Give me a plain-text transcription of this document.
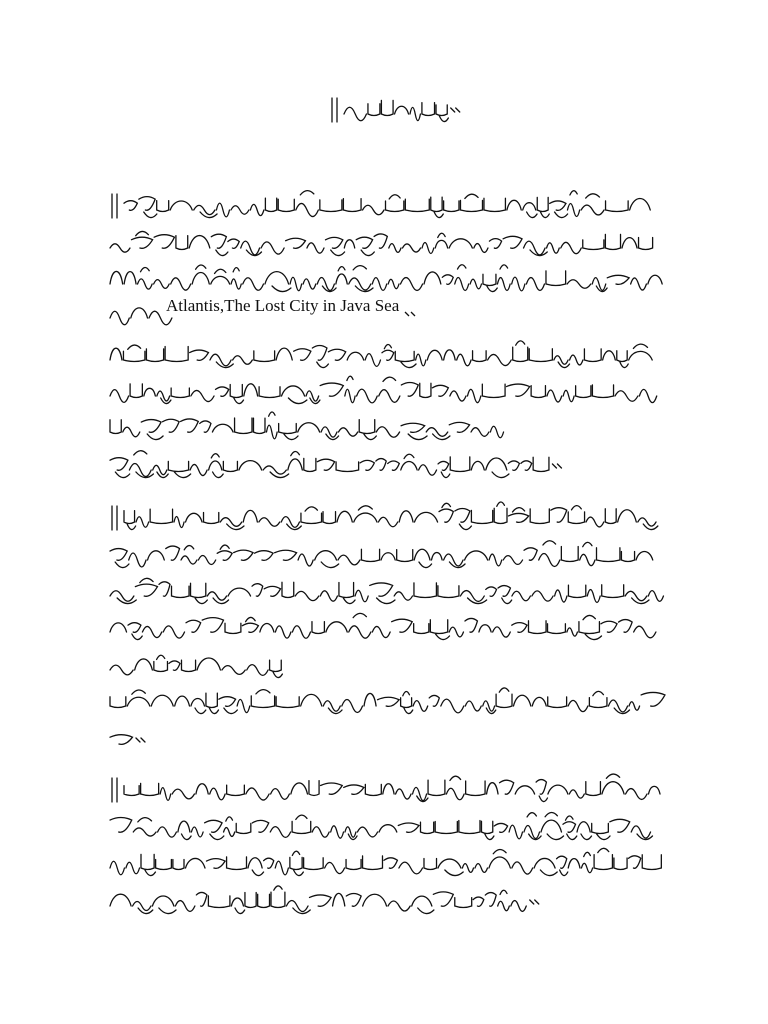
Atlantis,The Lost City in Java Sea
